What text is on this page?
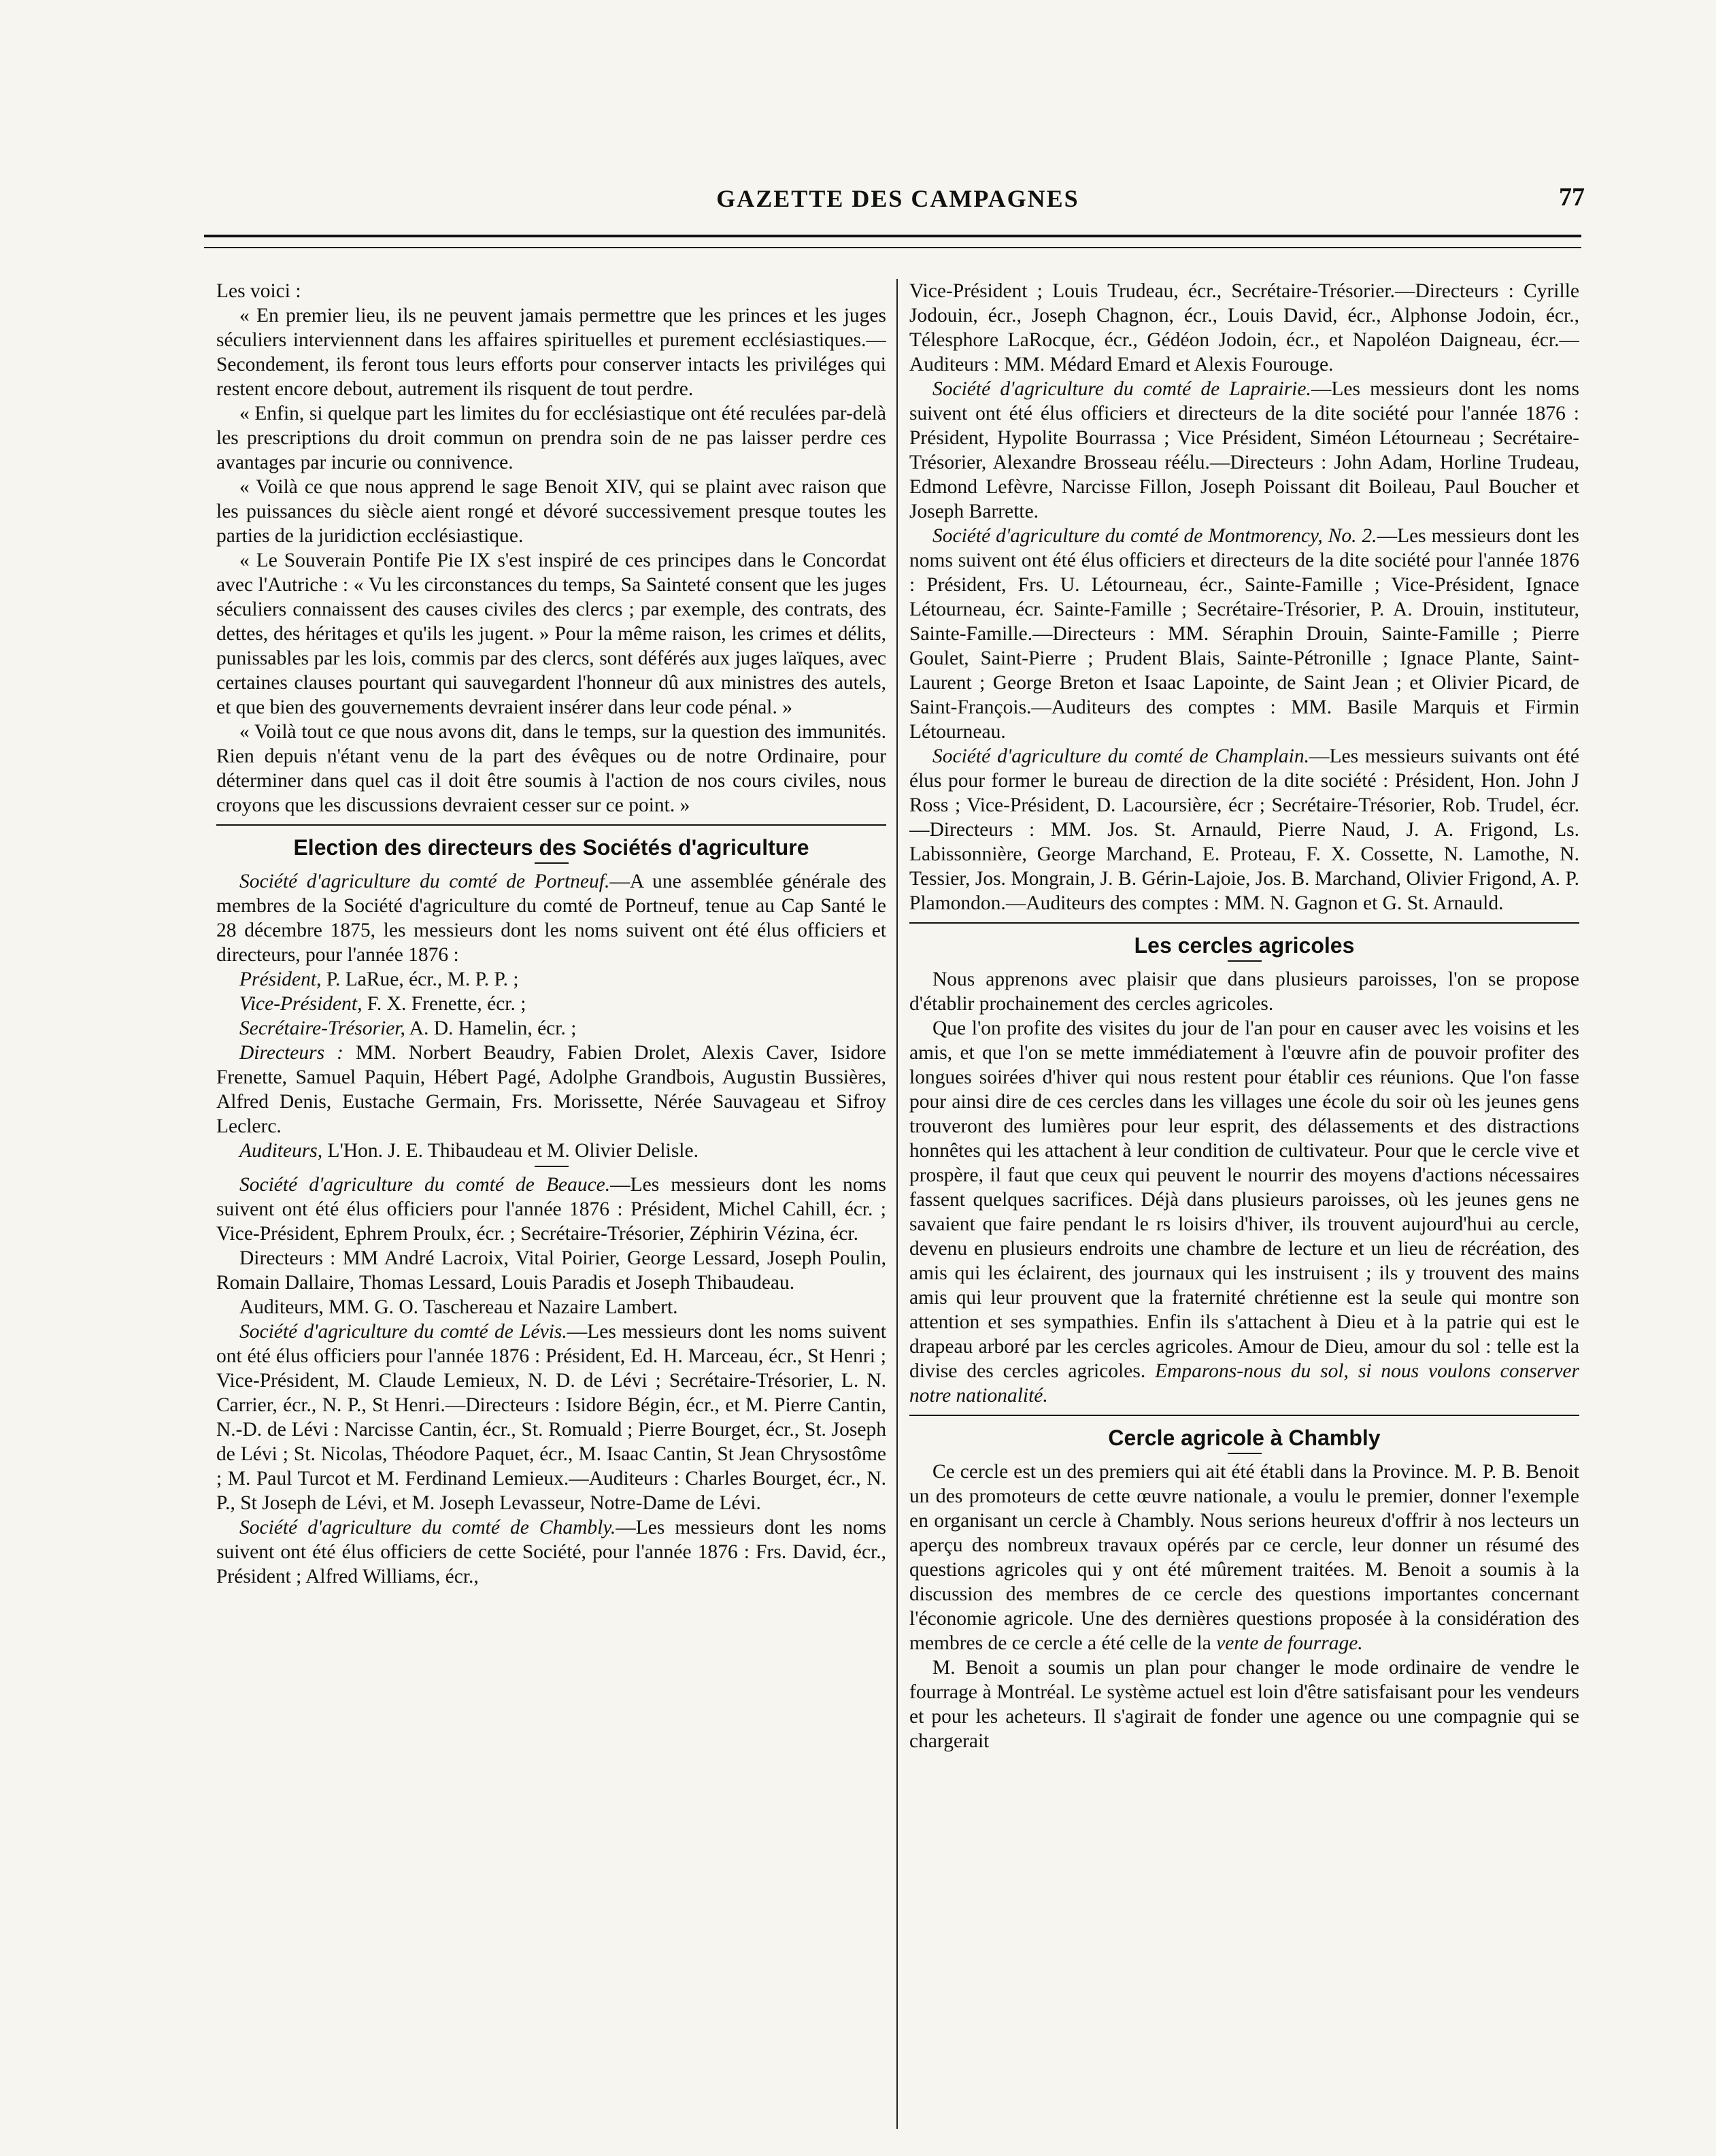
GAZETTE DES CAMPAGNES	77

Les voici :

« En premier lieu, ils ne peuvent jamais permettre que les princes et les juges séculiers interviennent dans les affaires spirituelles et purement ecclésiastiques.—Secondement, ils feront tous leurs efforts pour conserver intacts les priviléges qui restent encore debout, autrement ils risquent de tout perdre.

« Enfin, si quelque part les limites du for ecclésiastique ont été reculées par-delà les prescriptions du droit commun on prendra soin de ne pas laisser perdre ces avantages par incurie ou connivence.

« Voilà ce que nous apprend le sage Benoit XIV, qui se plaint avec raison que les puissances du siècle aient rongé et dévoré successivement presque toutes les parties de la juridiction ecclésiastique.

« Le Souverain Pontife Pie IX s'est inspiré de ces principes dans le Concordat avec l'Autriche : « Vu les circonstances du temps, Sa Sainteté consent que les juges séculiers connaissent des causes civiles des clercs ; par exemple, des contrats, des dettes, des héritages et qu'ils les jugent. » Pour la même raison, les crimes et délits, punissables par les lois, commis par des clercs, sont déférés aux juges laïques, avec certaines clauses pourtant qui sauvegardent l'honneur dû aux ministres des autels, et que bien des gouvernements devraient insérer dans leur code pénal. »

« Voilà tout ce que nous avons dit, dans le temps, sur la question des immunités. Rien depuis n'étant venu de la part des évêques ou de notre Ordinaire, pour déterminer dans quel cas il doit être soumis à l'action de nos cours civiles, nous croyons que les discussions devraient cesser sur ce point. »

Election des directeurs des Sociétés d'agriculture

Société d'agriculture du comté de Portneuf.—A une assemblée générale des membres de la Société d'agriculture du comté de Portneuf, tenue au Cap Santé le 28 décembre 1875, les messieurs dont les noms suivent ont été élus officiers et directeurs, pour l'année 1876 :

Président, P. LaRue, écr., M. P. P. ;

Vice-Président, F. X. Frenette, écr. ;

Secrétaire-Trésorier, A. D. Hamelin, écr. ;

Directeurs : MM. Norbert Beaudry, Fabien Drolet, Alexis Caver, Isidore Frenette, Samuel Paquin, Hébert Pagé, Adolphe Grandbois, Augustin Bussières, Alfred Denis, Eustache Germain, Frs. Morissette, Nérée Sauvageau et Sifroy Leclerc.

Auditeurs, L'Hon. J. E. Thibaudeau et M. Olivier Delisle.

Société d'agriculture du comté de Beauce.—Les messieurs dont les noms suivent ont été élus officiers pour l'année 1876 : Président, Michel Cahill, écr. ; Vice-Président, Ephrem Proulx, écr. ; Secrétaire-Trésorier, Zéphirin Vézina, écr.

Directeurs : MM André Lacroix, Vital Poirier, George Lessard, Joseph Poulin, Romain Dallaire, Thomas Lessard, Louis Paradis et Joseph Thibaudeau.

Auditeurs, MM. G. O. Taschereau et Nazaire Lambert.

Société d'agriculture du comté de Lévis.—Les messieurs dont les noms suivent ont été élus officiers pour l'année 1876 : Président, Ed. H. Marceau, écr., St Henri ; Vice-Président, M. Claude Lemieux, N. D. de Lévi ; Secrétaire-Trésorier, L. N. Carrier, écr., N. P., St Henri.—Directeurs : Isidore Bégin, écr., et M. Pierre Cantin, N.-D. de Lévi : Narcisse Cantin, écr., St. Romuald ; Pierre Bourget, écr., St. Joseph de Lévi ; St. Nicolas, Théodore Paquet, écr., M. Isaac Cantin, St Jean Chrysostôme ; M. Paul Turcot et M. Ferdinand Lemieux.—Auditeurs : Charles Bourget, écr., N. P., St Joseph de Lévi, et M. Joseph Levasseur, Notre-Dame de Lévi.

Société d'agriculture du comté de Chambly.—Les messieurs dont les noms suivent ont été élus officiers de cette Société, pour l'année 1876 : Frs. David, écr., Président ; Alfred Williams, écr.,

Vice-Président ; Louis Trudeau, écr., Secrétaire-Trésorier.—Directeurs : Cyrille Jodouin, écr., Joseph Chagnon, écr., Louis David, écr., Alphonse Jodoin, écr., Télesphore LaRocque, écr., Gédéon Jodoin, écr., et Napoléon Daigneau, écr.—Auditeurs : MM. Médard Emard et Alexis Fourouge.

Société d'agriculture du comté de Laprairie.—Les messieurs dont les noms suivent ont été élus officiers et directeurs de la dite société pour l'année 1876 : Président, Hypolite Bourrassa ; Vice Président, Siméon Létourneau ; Secrétaire-Trésorier, Alexandre Brosseau réélu.—Directeurs : John Adam, Horline Trudeau, Edmond Lefèvre, Narcisse Fillon, Joseph Poissant dit Boileau, Paul Boucher et Joseph Barrette.

Société d'agriculture du comté de Montmorency, No. 2.—Les messieurs dont les noms suivent ont été élus officiers et directeurs de la dite société pour l'année 1876 : Président, Frs. U. Létourneau, écr., Sainte-Famille ; Vice-Président, Ignace Létourneau, écr. Sainte-Famille ; Secrétaire-Trésorier, P. A. Drouin, instituteur, Sainte-Famille.—Directeurs : MM. Séraphin Drouin, Sainte-Famille ; Pierre Goulet, Saint-Pierre ; Prudent Blais, Sainte-Pétronille ; Ignace Plante, Saint-Laurent ; George Breton et Isaac Lapointe, de Saint Jean ; et Olivier Picard, de Saint-François.—Auditeurs des comptes : MM. Basile Marquis et Firmin Létourneau.

Société d'agriculture du comté de Champlain.—Les messieurs suivants ont été élus pour former le bureau de direction de la dite société : Président, Hon. John J Ross ; Vice-Président, D. Lacoursière, écr ; Secrétaire-Trésorier, Rob. Trudel, écr.—Directeurs : MM. Jos. St. Arnauld, Pierre Naud, J. A. Frigond, Ls. Labissonnière, George Marchand, E. Proteau, F. X. Cossette, N. Lamothe, N. Tessier, Jos. Mongrain, J. B. Gérin-Lajoie, Jos. B. Marchand, Olivier Frigond, A. P. Plamondon.—Auditeurs des comptes : MM. N. Gagnon et G. St. Arnauld.

Les cercles agricoles

Nous apprenons avec plaisir que dans plusieurs paroisses, l'on se propose d'établir prochainement des cercles agricoles.

Que l'on profite des visites du jour de l'an pour en causer avec les voisins et les amis, et que l'on se mette immédiatement à l'œuvre afin de pouvoir profiter des longues soirées d'hiver qui nous restent pour établir ces réunions. Que l'on fasse pour ainsi dire de ces cercles dans les villages une école du soir où les jeunes gens trouveront des lumières pour leur esprit, des délassements et des distractions honnêtes qui les attachent à leur condition de cultivateur. Pour que le cercle vive et prospère, il faut que ceux qui peuvent le nourrir des moyens d'actions nécessaires fassent quelques sacrifices. Déjà dans plusieurs paroisses, où les jeunes gens ne savaient que faire pendant le rs loisirs d'hiver, ils trouvent aujourd'hui au cercle, devenu en plusieurs endroits une chambre de lecture et un lieu de récréation, des amis qui les éclairent, des journaux qui les instruisent ; ils y trouvent des mains amis qui leur prouvent que la fraternité chrétienne est la seule qui montre son attention et ses sympathies. Enfin ils s'attachent à Dieu et à la patrie qui est le drapeau arboré par les cercles agricoles. Amour de Dieu, amour du sol : telle est la divise des cercles agricoles. Emparons-nous du sol, si nous voulons conserver notre nationalité.

Cercle agricole à Chambly

Ce cercle est un des premiers qui ait été établi dans la Province. M. P. B. Benoit un des promoteurs de cette œuvre nationale, a voulu le premier, donner l'exemple en organisant un cercle à Chambly. Nous serions heureux d'offrir à nos lecteurs un aperçu des nombreux travaux opérés par ce cercle, leur donner un résumé des questions agricoles qui y ont été mûrement traitées. M. Benoit a soumis à la discussion des membres de ce cercle des questions importantes concernant l'économie agricole. Une des dernières questions proposée à la considération des membres de ce cercle a été celle de la vente de fourrage.

M. Benoit a soumis un plan pour changer le mode ordinaire de vendre le fourrage à Montréal. Le système actuel est loin d'être satisfaisant pour les vendeurs et pour les acheteurs. Il s'agirait de fonder une agence ou une compagnie qui se chargerait
